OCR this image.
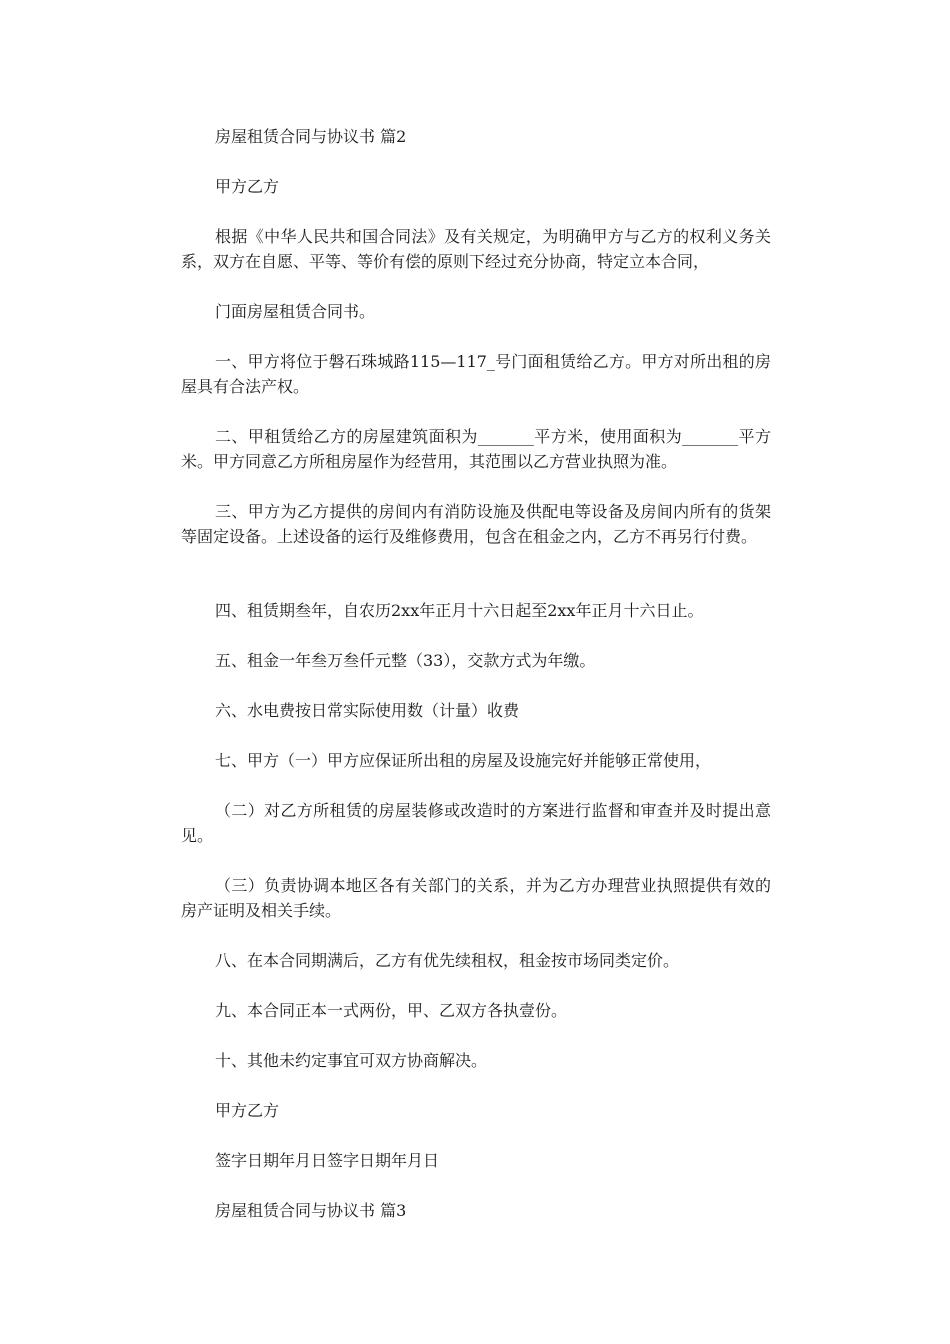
房屋租赁合同与协议书 篇2

甲方乙方

根据《中华人民共和国合同法》及有关规定，为明确甲方与乙方的权利义务关系，双方在自愿、平等、等价有偿的原则下经过充分协商，特定立本合同，

门面房屋租赁合同书。

一、甲方将位于磐石珠城路115—117_号门面租赁给乙方。甲方对所出租的房屋具有合法产权。

二、甲租赁给乙方的房屋建筑面积为_______平方米，使用面积为_______平方米。甲方同意乙方所租房屋作为经营用，其范围以乙方营业执照为准。

三、甲方为乙方提供的房间内有消防设施及供配电等设备及房间内所有的货架等固定设备。上述设备的运行及维修费用，包含在租金之内，乙方不再另行付费。

四、租赁期叁年，自农历2xx年正月十六日起至2xx年正月十六日止。

五、租金一年叁万叁仟元整（33），交款方式为年缴。

六、水电费按日常实际使用数（计量）收费

七、甲方（一）甲方应保证所出租的房屋及设施完好并能够正常使用，

（二）对乙方所租赁的房屋装修或改造时的方案进行监督和审查并及时提出意见。

（三）负责协调本地区各有关部门的关系，并为乙方办理营业执照提供有效的房产证明及相关手续。

八、在本合同期满后，乙方有优先续租权，租金按市场同类定价。

九、本合同正本一式两份，甲、乙双方各执壹份。

十、其他未约定事宜可双方协商解决。

甲方乙方

签字日期年月日签字日期年月日

房屋租赁合同与协议书 篇3
